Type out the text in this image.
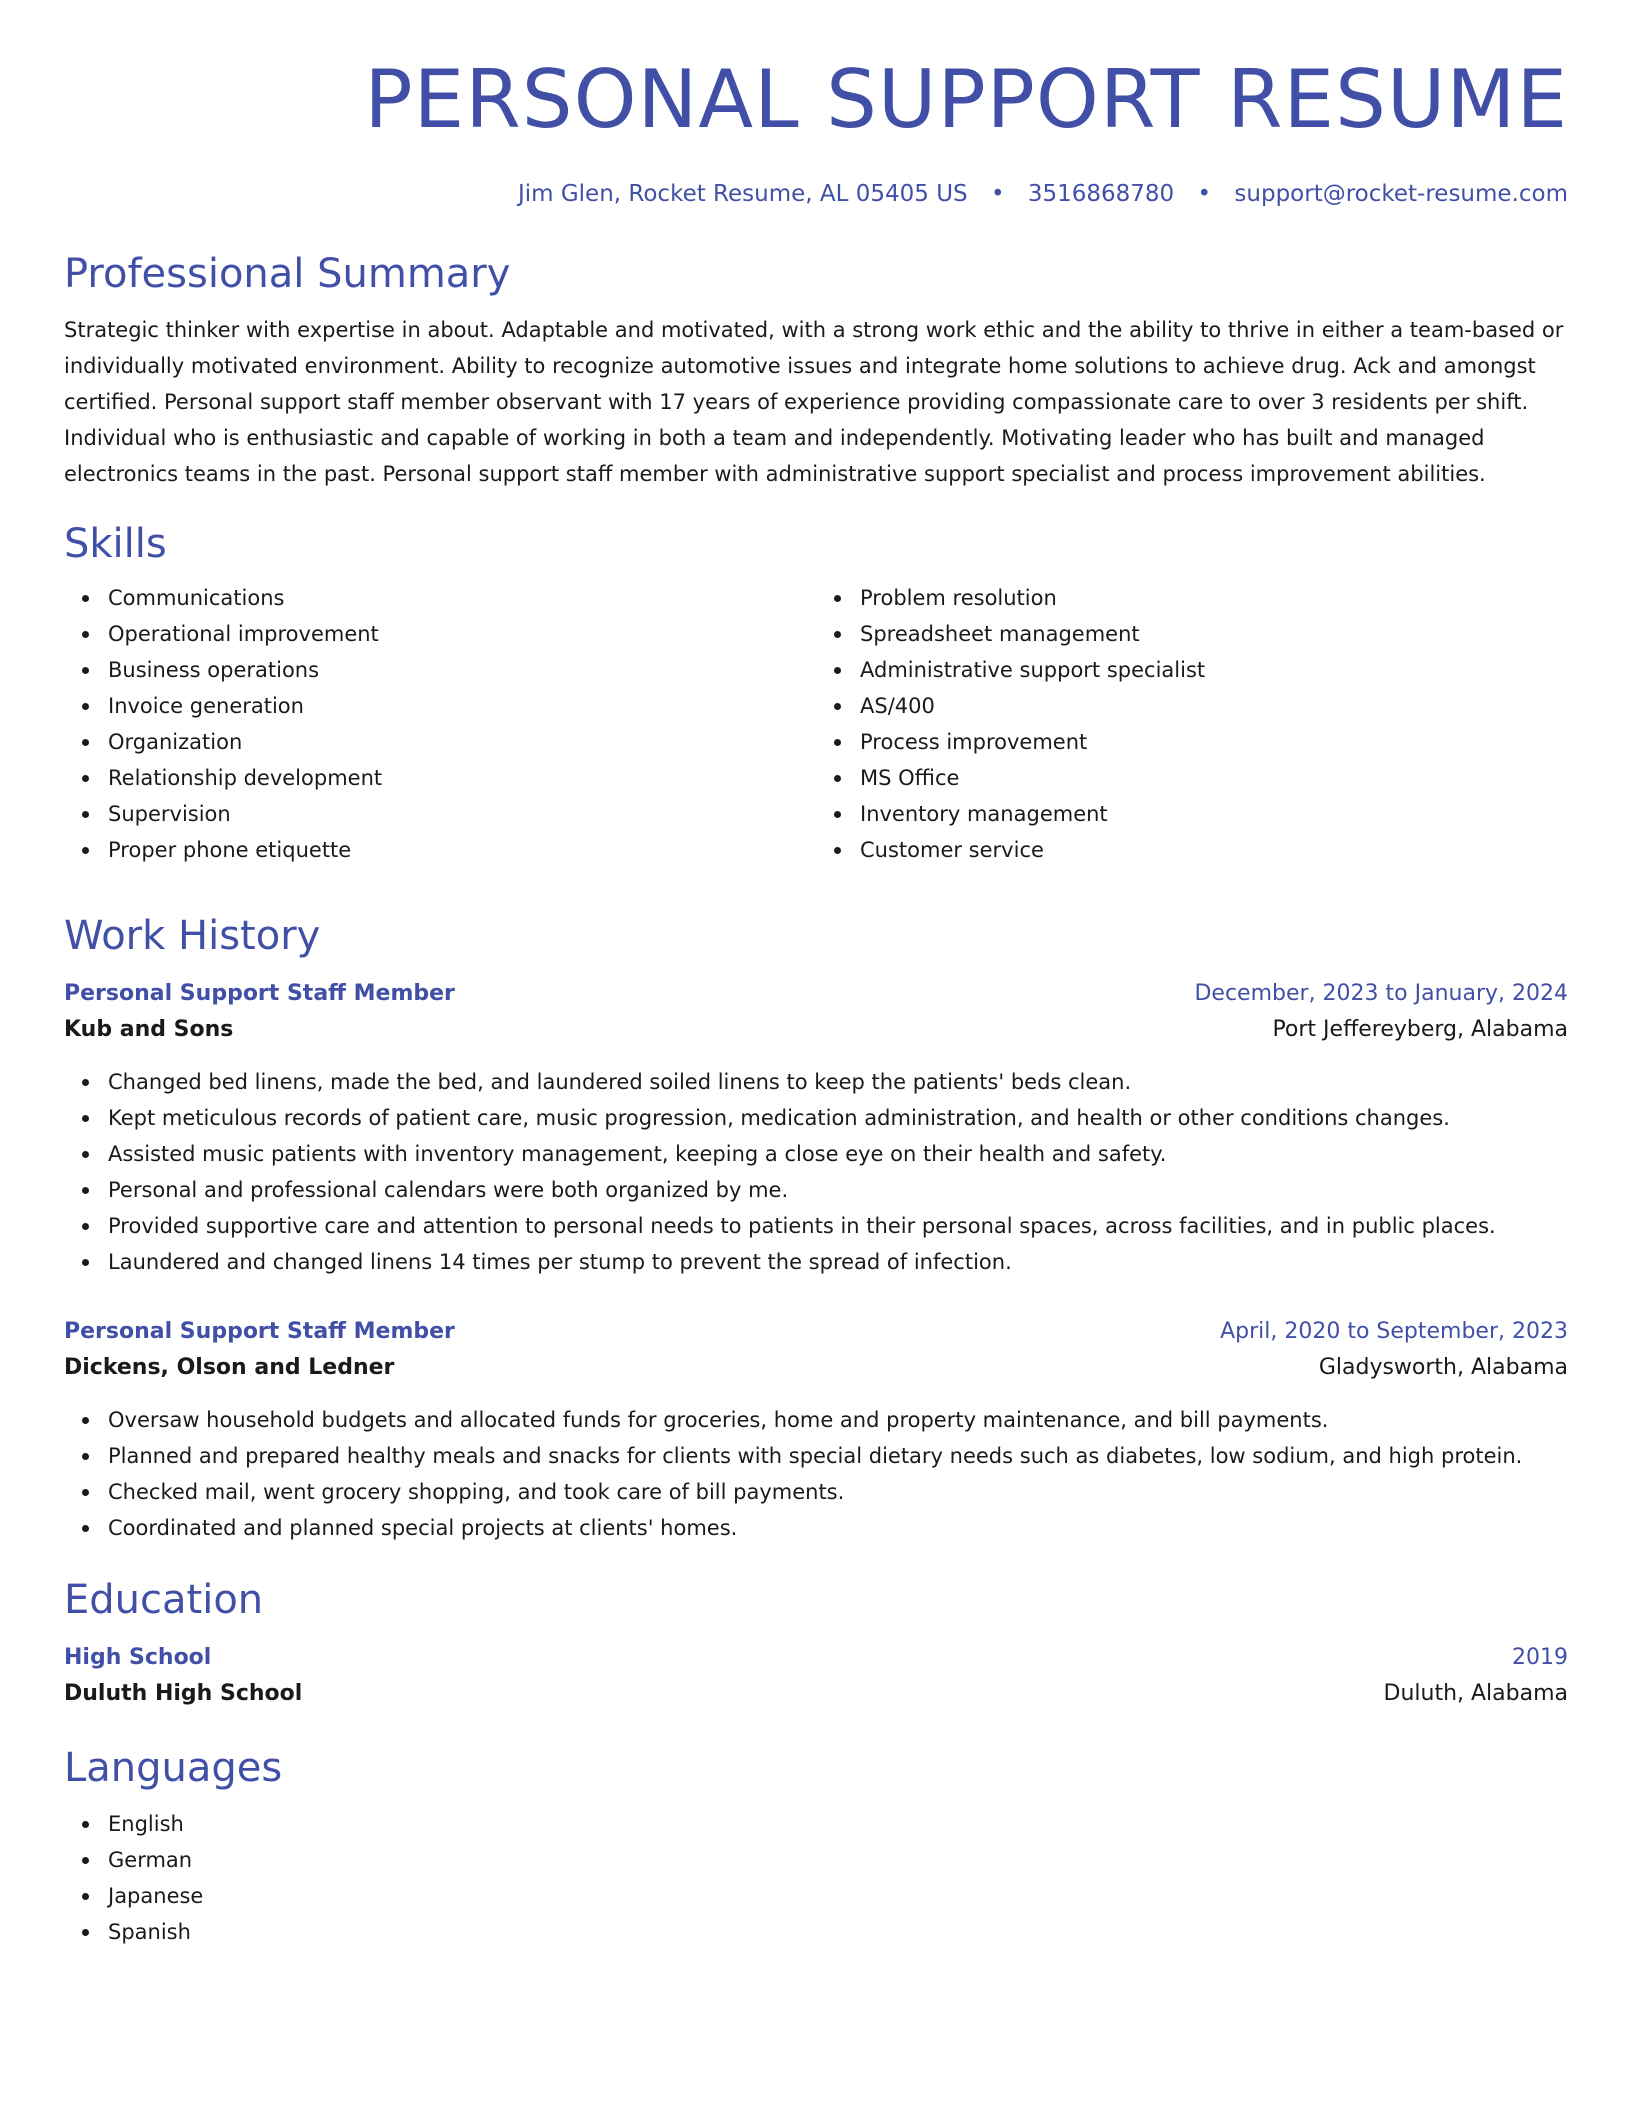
PERSONAL SUPPORT RESUME
Jim Glen, Rocket Resume, AL 05405 US • 3516868780 • support@rocket-resume.com
Professional Summary

Strategic thinker with expertise in about. Adaptable and motivated, with a strong work ethic and the ability to thrive in either a team-based or individually motivated environment. Ability to recognize automotive issues and integrate home solutions to achieve drug. Ack and amongst certified. Personal support staff member observant with 17 years of experience providing compassionate care to over 3 residents per shift. Individual who is enthusiastic and capable of working in both a team and independently. Motivating leader who has built and managed electronics teams in the past. Personal support staff member with administrative support specialist and process improvement abilities.

Skills
Communications
Operational improvement
Business operations
Invoice generation
Organization
Relationship development
Supervision
Proper phone etiquette
Problem resolution
Spreadsheet management
Administrative support specialist
AS/400
Process improvement
MS Office
Inventory management
Customer service
Work History
Personal Support Staff Member	December, 2023 to January, 2024
Kub and Sons	Port Jeffereyberg, Alabama
Changed bed linens, made the bed, and laundered soiled linens to keep the patients' beds clean.
Kept meticulous records of patient care, music progression, medication administration, and health or other conditions changes.
Assisted music patients with inventory management, keeping a close eye on their health and safety.
Personal and professional calendars were both organized by me.
Provided supportive care and attention to personal needs to patients in their personal spaces, across facilities, and in public places.
Laundered and changed linens 14 times per stump to prevent the spread of infection.
Personal Support Staff Member	April, 2020 to September, 2023
Dickens, Olson and Ledner	Gladysworth, Alabama
Oversaw household budgets and allocated funds for groceries, home and property maintenance, and bill payments.
Planned and prepared healthy meals and snacks for clients with special dietary needs such as diabetes, low sodium, and high protein.
Checked mail, went grocery shopping, and took care of bill payments.
Coordinated and planned special projects at clients' homes.
Education
High School	2019
Duluth High School	Duluth, Alabama
Languages
English
German
Japanese
Spanish
